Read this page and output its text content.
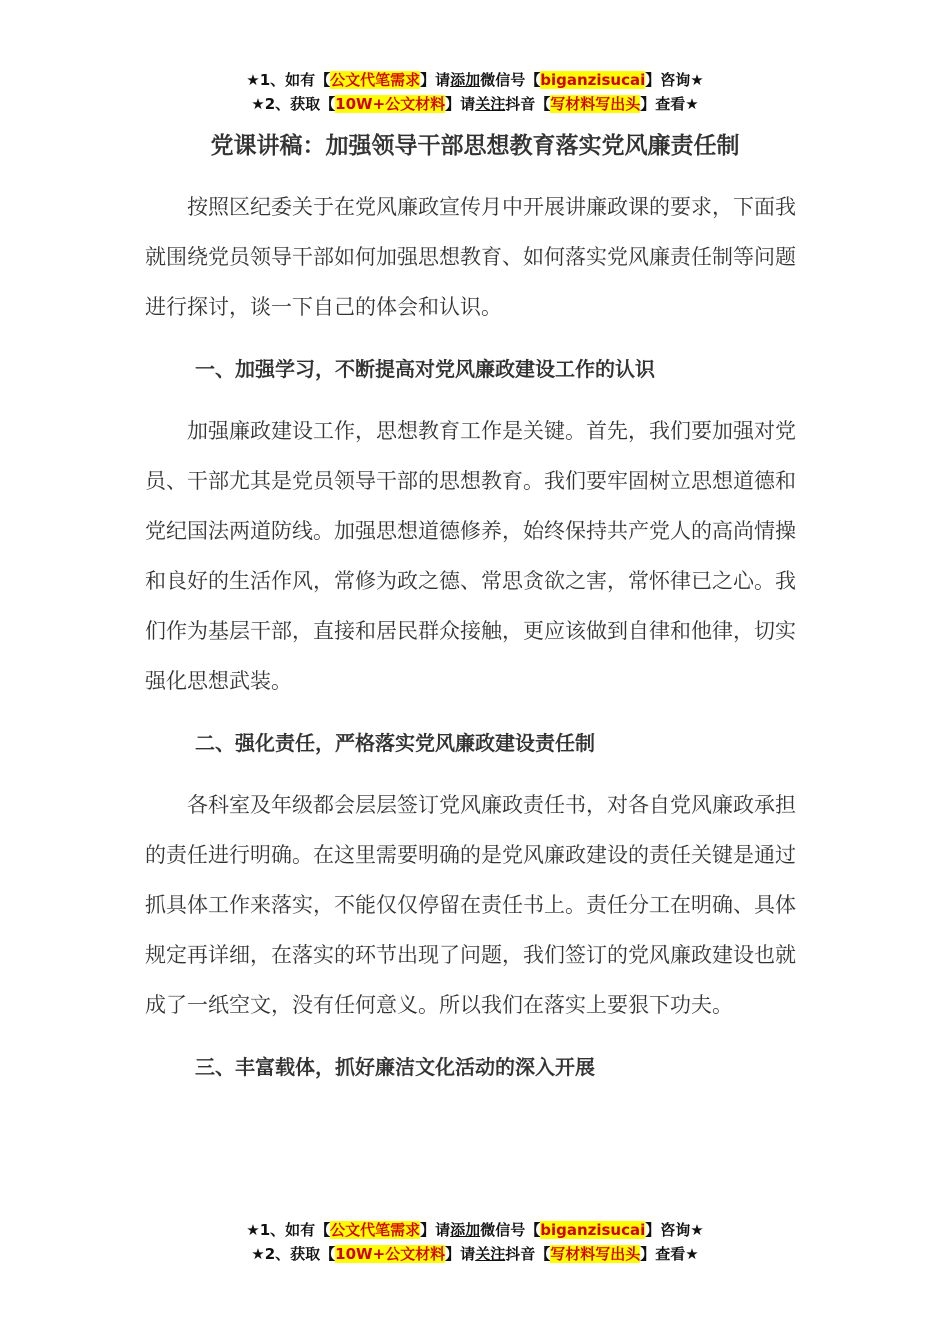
★1、如有【公文代笔需求】请添加微信号【biganzisucai】咨询★
★2、获取【10W+公文材料】请关注抖音【写材料写出头】查看★
党课讲稿：加强领导干部思想教育落实党风廉责任制

按照区纪委关于在党风廉政宣传月中开展讲廉政课的要求，下面我就围绕党员领导干部如何加强思想教育、如何落实党风廉责任制等问题进行探讨，谈一下自己的体会和认识。

一、加强学习，不断提高对党风廉政建设工作的认识

加强廉政建设工作，思想教育工作是关键。首先，我们要加强对党员、干部尤其是党员领导干部的思想教育。我们要牢固树立思想道德和党纪国法两道防线。加强思想道德修养，始终保持共产党人的高尚情操和良好的生活作风，常修为政之德、常思贪欲之害，常怀律已之心。我们作为基层干部，直接和居民群众接触，更应该做到自律和他律，切实强化思想武装。

二、强化责任，严格落实党风廉政建设责任制

各科室及年级都会层层签订党风廉政责任书，对各自党风廉政承担的责任进行明确。在这里需要明确的是党风廉政建设的责任关键是通过抓具体工作来落实，不能仅仅停留在责任书上。责任分工在明确、具体规定再详细，在落实的环节出现了问题，我们签订的党风廉政建设也就成了一纸空文，没有任何意义。所以我们在落实上要狠下功夫。

三、丰富载体，抓好廉洁文化活动的深入开展

★1、如有【公文代笔需求】请添加微信号【biganzisucai】咨询★
★2、获取【10W+公文材料】请关注抖音【写材料写出头】查看★
